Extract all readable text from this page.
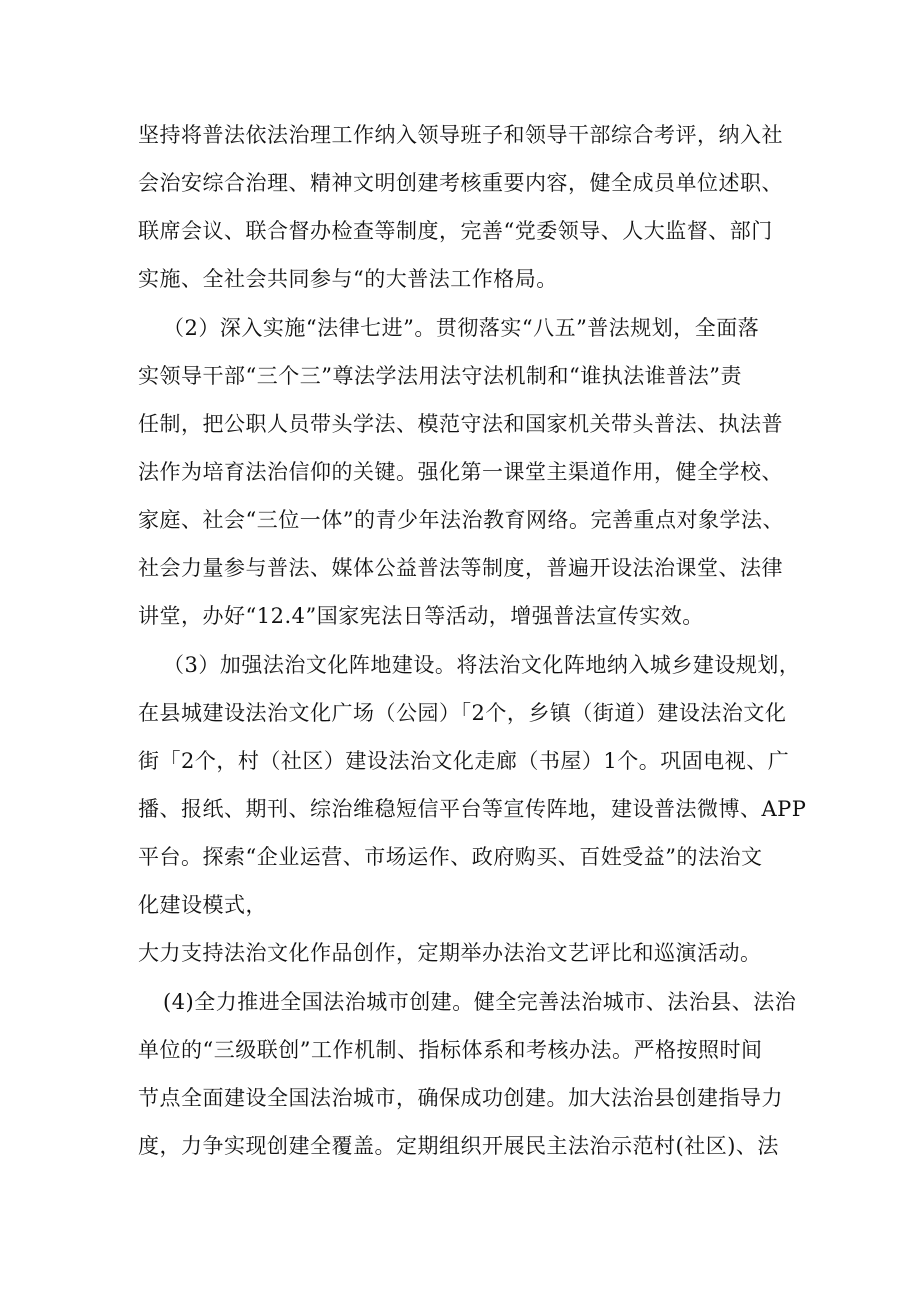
坚持将普法依法治理工作纳入领导班子和领导干部综合考评，纳入社
会治安综合治理、精神文明创建考核重要内容，健全成员单位述职、
联席会议、联合督办检查等制度，完善“党委领导、人大监督、部门
实施、全社会共同参与“的大普法工作格局。
（2）深入实施“法律七进”。贯彻落实“八五”普法规划，全面落
实领导干部“三个三”尊法学法用法守法机制和“谁执法谁普法”责
任制，把公职人员带头学法、模范守法和国家机关带头普法、执法普
法作为培育法治信仰的关键。强化第一课堂主渠道作用，健全学校、
家庭、社会“三位一体”的青少年法治教育网络。完善重点对象学法、
社会力量参与普法、媒体公益普法等制度，普遍开设法治课堂、法律
讲堂，办好“12.4”国家宪法日等活动，增强普法宣传实效。
（3）加强法治文化阵地建设。将法治文化阵地纳入城乡建设规划，
在县城建设法治文化广场（公园）「2个，乡镇（街道）建设法治文化
街「2个，村（社区）建设法治文化走廊（书屋）1个。巩固电视、广
播、报纸、期刊、综治维稳短信平台等宣传阵地，建设普法微博、APP
平台。探索“企业运营、市场运作、政府购买、百姓受益”的法治文
化建设模式，
大力支持法治文化作品创作，定期举办法治文艺评比和巡演活动。
(4)全力推进全国法治城市创建。健全完善法治城市、法治县、法治
单位的“三级联创”工作机制、指标体系和考核办法。严格按照时间
节点全面建设全国法治城市，确保成功创建。加大法治县创建指导力
度，力争实现创建全覆盖。定期组织开展民主法治示范村(社区)、法
